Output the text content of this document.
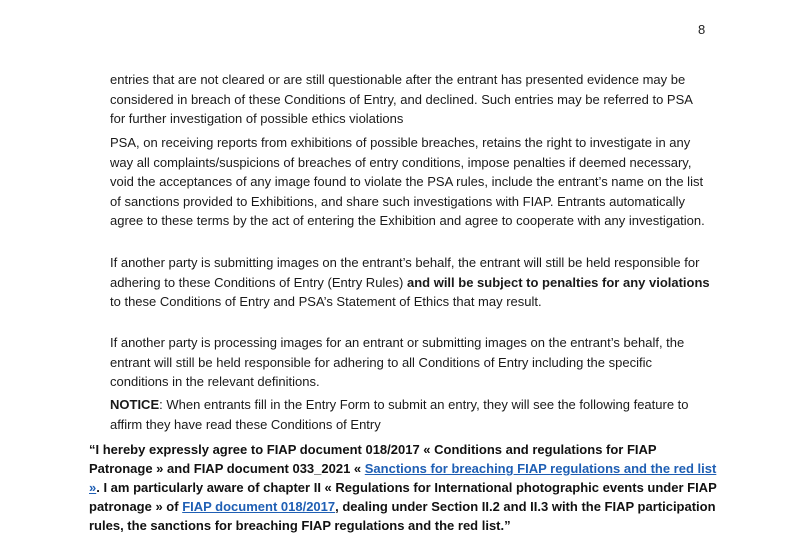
8

entries that are not cleared or are still questionable after the entrant has presented evidence may be considered in breach of these Conditions of Entry, and declined. Such entries may be referred to PSA for further investigation of possible ethics violations

PSA, on receiving reports from exhibitions of possible breaches, retains the right to investigate in any way all complaints/suspicions of breaches of entry conditions, impose penalties if deemed necessary, void the acceptances of any image found to violate the PSA rules, include the entrant’s name on the list of sanctions provided to Exhibitions, and share such investigations with FIAP. Entrants automatically agree to these terms by the act of entering the Exhibition and agree to cooperate with any investigation.

If another party is submitting images on the entrant’s behalf, the entrant will still be held responsible for adhering to these Conditions of Entry (Entry Rules) and will be subject to penalties for any violations to these Conditions of Entry and PSA’s Statement of Ethics that may result.

If another party is processing images for an entrant or submitting images on the entrant’s behalf, the entrant will still be held responsible for adhering to all Conditions of Entry including the specific conditions in the relevant definitions.

NOTICE: When entrants fill in the Entry Form to submit an entry, they will see the following feature to affirm they have read these Conditions of Entry

“I hereby expressly agree to FIAP document 018/2017 « Conditions and regulations for FIAP Patronage » and FIAP document 033_2021 « Sanctions for breaching FIAP regulations and the red list ». I am particularly aware of chapter II « Regulations for International photographic events under FIAP patronage » of FIAP document 018/2017, dealing under Section II.2 and II.3 with the FIAP participation rules, the sanctions for breaching FIAP regulations and the red list.”
